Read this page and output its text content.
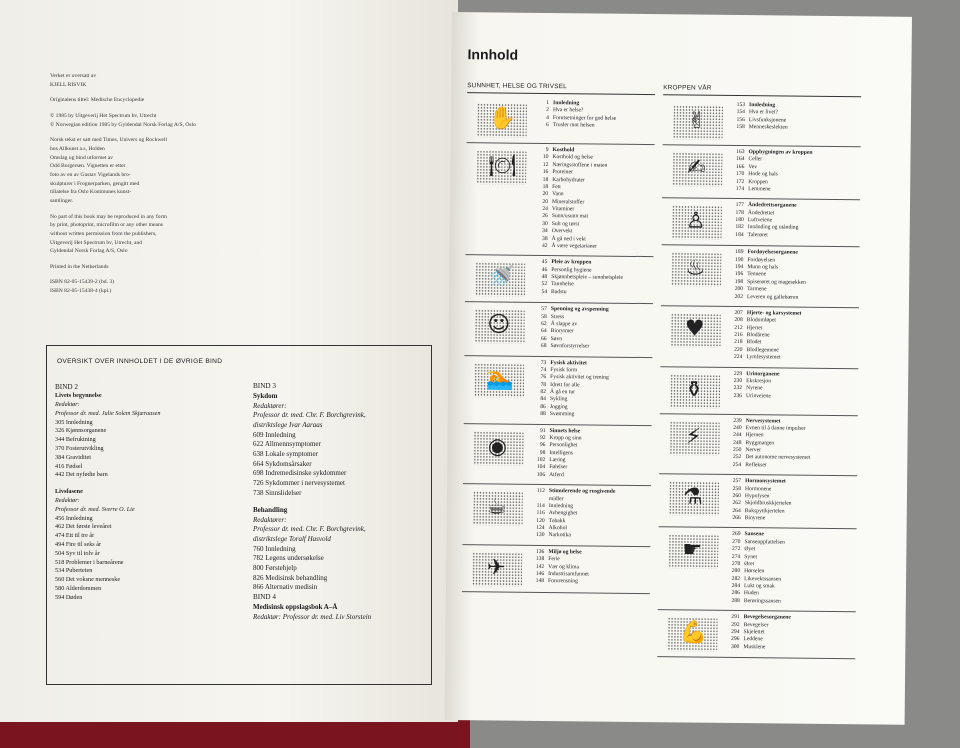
Verket er oversatt av
KJELL RISVIK

Originalens tittel: Medische Encyclopedie

© 1985 by Uitgeverij Het Spectrum bv, Utrecht
© Norwegian edition 1985 by Gyldendal Norsk Forlag A/S, Oslo

Norsk tekst er satt med Times, Univers og Rockwell
hos Allkunst a.s, Holden
Omslag og bind utformet av
Odd Borgersen. Vignetten er etter
foto av en av Gustav Vigelands bro-
skulpturer i Frognerparken, gengitt med
tillatelse fra Oslo Kommunes kunst-
samlinger.

No part of this book may be reproduced in any form
by print, photoprint, microfilm or any other means
without written permission from the publishers,
Uitgeverij Het Spectrum bv, Utrecht, and
Gyldendal Norsk Forlag A/S, Oslo

Printed in the Netherlands

ISBN 82-05-15439-2 (bd. 3)
ISBN 82-05-15438-4 (kpl.)

OVERSIKT OVER INNHOLDET I DE ØVRIGE BIND
BIND 2
Livets begynnelse
Redaktør:
Professor dr. med. Julie Solem Skjæraasen
305 Innledning
326 Kjønnsorganene
344 Befruktning
370 Fosterutvikling
384 Graviditet
416 Fødsel
442 Det nyfødte barn
Livsfasene
Redaktør:
Professor dr. med. Sverre O. Lie
456 Innledning
462 Det første leveåret
474 Ett til tre år
494 Fire til seks år
504 Syv til tolv år
518 Problemer i barneårene
534 Puberteten
560 Det voksne menneske
580 Alderdommen
594 Døden
BIND 3
Sykdom
Redaktører:
Professor dr. med. Chr. F. Borchgrevink,
distriktslege Ivar Aaraas
609 Innledning
622 Allmennsymptomer
638 Lokale symptomer
664 Sykdomsårsaker
698 Indremedisinske sykdommer
726 Sykdommer i nervesystemet
738 Sinnslidelser
Behandling
Redaktører:
Professor dr. med. Chr. F. Borchgrevink,
distriktslege Toralf Hasvold
760 Innledning
782 Legens undersøkelse
800 Førstehjelp
826 Medisinsk behandling
866 Alternativ medisin
BIND 4
Medisinsk oppslagsbok A–Å
Redaktør: Professor dr. med. Liv Storstein
Innhold
SUNNHET, HELSE OG TRIVSEL	KROPPEN VÅR
✋
1 Innledning
2 Hva er helse?
4 Forutsetninger for god helse
6 Trusler mot helsen
🍽
9 Kosthold
10 Kosthold og helse
12 Næringsstoffene i maten
16 Proteiner
18 Karbohydrater
18 Fett
20 Vann
20 Mineralstoffer
24 Vitaminer
26 Sunn/usunn mat
30 Sult og tørst
34 Overvekt
38 Å gå ned i vekt
42 Å være vegetarianer
🚿
45 Pleie av kroppen
46 Personlig hygiene
48 Skjønnhetspleie – sunnhetspleie
52 Tannhelse
54 Badstu
☺
57 Spenning og avspenning
58 Stress
62 Å slappe av
64 Biorytmer
66 Søvn
68 Søvnforstyrrelser
🏊
73 Fysisk aktivitet
74 Fysisk form
76 Fysisk aktivitet og trening
78 Idrett for alle
82 Å gå en tur
84 Sykling
86 Jogging
88 Svømming
◉
91 Sinnets helse
92 Kropp og sinn
96 Personlighet
98 Intelligens
102 Læring
104 Følelser
106 Atferd
☕
112 Stimulerende og rusgivende
midler
114 Innledning
116 Avhengighet
120 Tobakk
124 Alkohol
130 Narkotika
✈
136 Miljø og helse
138 Ferie
142 Vær og klima
146 Industrisamfunnet
148 Forurensning
✌
153 Innledning
154 Hva er livet?
156 Livsfunksjonene
158 Menneskeslekten
✍
163 Oppbygningen av kroppen
164 Celler
166 Vev
170 Hode og hals
172 Kroppen
174 Lemmene
♙
177 Åndedrettsorganene
178 Åndedrettet
180 Luftveiene
182 Innånding og utånding
184 Talerøret
♨
189 Fordøyelsesorganene
190 Fordøyelsen
194 Munn og hals
196 Tennene
198 Spiserøret og magesekken
200 Tarmene
202 Leveren og gallebæren
♥
207 Hjerte- og karsystemet
208 Blodomløpet
212 Hjertet
216 Blodårene
218 Blodet
220 Blodlegemene
224 Lymfesystemet
⚱
229 Urinorganene
230 Ekskresjon
232 Nyrene
236 Urinveiene
⚡
239 Nervesystemet
240 Evnen til å danne impulser
244 Hjernen
248 Ryggmargen
250 Nerver
252 Det autonome nervesystemet
254 Reflekser
⚗
257 Hormonsystemet
258 Hormonene
260 Hypofysen
262 Skjoldbruskkjertelen
264 Bukspyttkjertelen
266 Binyrene
☛
269 Sansene
270 Sanseoppfattelsen
272 Øyet
274 Synet
278 Øret
280 Hørselen
282 Likevektssansen
284 Lukt og smak
286 Huden
288 Berøringssansen
💪
291 Bevegelsesorganene
292 Bevegelser
294 Skjelettet
296 Leddene
300 Musklene
